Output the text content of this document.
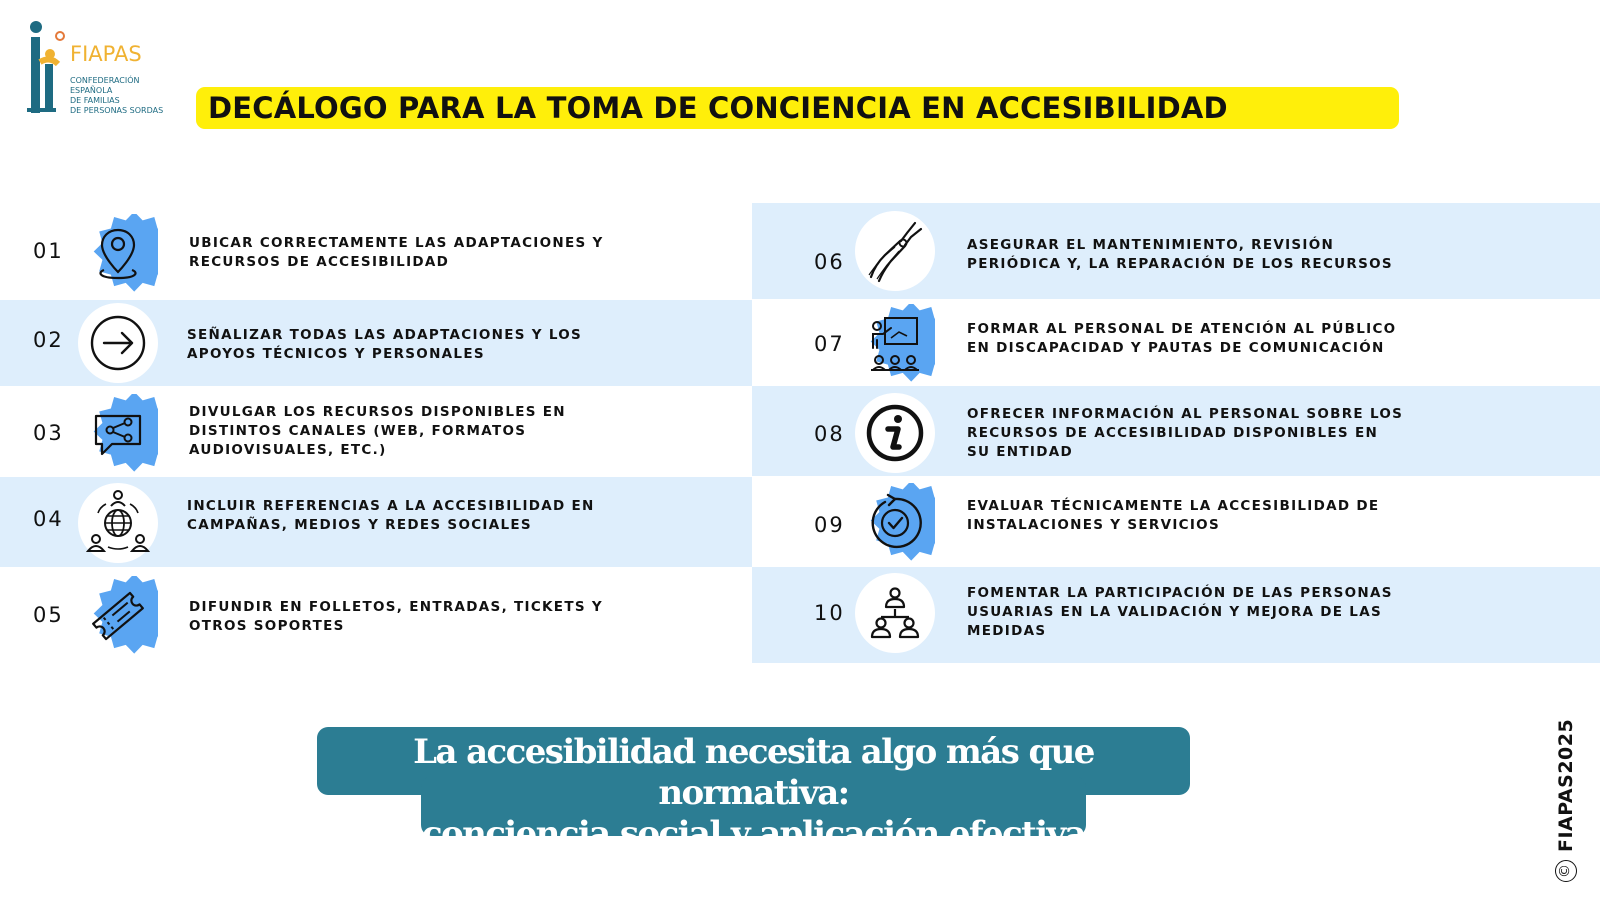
FIAPAS
CONFEDERACIÓN
ESPAÑOLA
DE FAMILIAS
DE PERSONAS SORDAS DECÁLOGO PARA LA TOMA DE CONCIENCIA EN ACCESIBILIDAD
01	UBICAR CORRECTAMENTE LAS ADAPTACIONES Y
RECURSOS DE ACCESIBILIDAD
02	SEÑALIZAR TODAS LAS ADAPTACIONES Y LOS
APOYOS TÉCNICOS Y PERSONALES
03
DIVULGAR LOS RECURSOS DISPONIBLES EN
DISTINTOS CANALES (WEB, FORMATOS
AUDIOVISUALES, ETC.)
04
INCLUIR REFERENCIAS A LA ACCESIBILIDAD EN
CAMPAÑAS, MEDIOS Y REDES SOCIALES
05	DIFUNDIR EN FOLLETOS, ENTRADAS, TICKETS Y
OTROS SOPORTES
06
ASEGURAR EL MANTENIMIENTO, REVISIÓN
PERIÓDICA Y, LA REPARACIÓN DE LOS RECURSOS
07
FORMAR AL PERSONAL DE ATENCIÓN AL PÚBLICO
EN DISCAPACIDAD Y PAUTAS DE COMUNICACIÓN
08
OFRECER INFORMACIÓN AL PERSONAL SOBRE LOS
RECURSOS DE ACCESIBILIDAD DISPONIBLES EN
SU ENTIDAD
09
EVALUAR TÉCNICAMENTE LA ACCESIBILIDAD DE
INSTALACIONES Y SERVICIOS
10
FOMENTAR LA PARTICIPACIÓN DE LAS PERSONAS
USUARIAS EN LA VALIDACIÓN Y MEJORA DE LAS
MEDIDAS
La accesibilidad necesita algo más que normativa:
conciencia social y aplicación efectiva
©
FIAPAS2025
